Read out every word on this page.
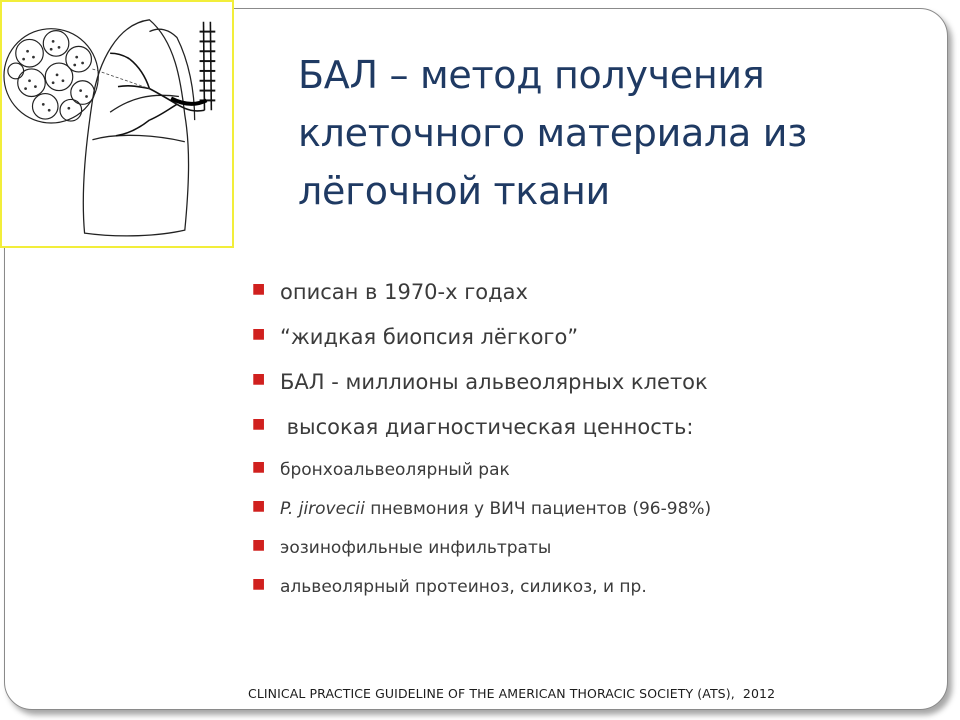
БАЛ – метод получения
клеточного материала из
лёгочной ткани
■ описан в 1970-х годах
■ “жидкая биопсия лёгкого”
■ БАЛ - миллионы альвеолярных клеток
■ высокая диагностическая ценность:
■ бронхоальвеолярный рак
■ P. jirovecii пневмония у ВИЧ пациентов (96-98%)
■ эозинофильные инфильтраты
■ альвеолярный протеиноз, силикоз, и пр.
CLINICAL PRACTICE GUIDELINE OF THE AMERICAN THORACIC SOCIETY (ATS),  2012
